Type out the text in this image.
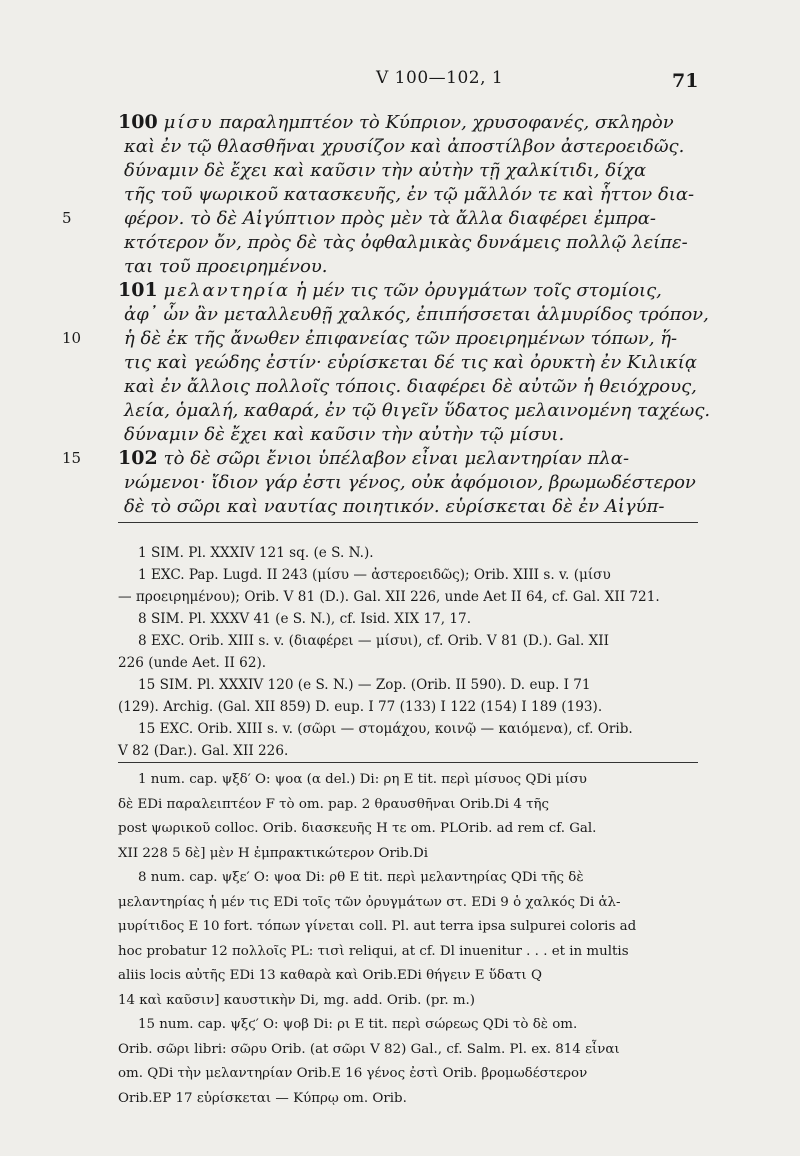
V 100—102, 1	71
100 μίσυ παραλημπτέον τὸ Κύπριον, χρυσοφανές, σκληρὸν
καὶ ἐν τῷ θλασθῆναι χρυσίζον καὶ ἀποστίλβον ἀστεροειδῶς.
δύναμιν δὲ ἔχει καὶ καῦσιν τὴν αὐτὴν τῇ χαλκίτιδι, δίχα
τῆς τοῦ ψωρικοῦ κατασκευῆς, ἐν τῷ μᾶλλόν τε καὶ ἧττον δια-
5	φέρον. τὸ δὲ Αἰγύπτιον πρὸς μὲν τὰ ἄλλα διαφέρει ἐμπρα-
κτότερον ὄν, πρὸς δὲ τὰς ὀφθαλμικὰς δυνάμεις πολλῷ λείπε-
ται τοῦ προειρημένου.
101 μελαντηρία ἡ μέν τις τῶν ὀρυγμάτων τοῖς στομίοις,
ἀφ᾿ ὧν ἂν μεταλλευθῇ χαλκός, ἐπιπήσσεται ἁλμυρίδος τρόπον,
10	ἡ δὲ ἐκ τῆς ἄνωθεν ἐπιφανείας τῶν προειρημένων τόπων, ἥ-
τις καὶ γεώδης ἐστίν· εὑρίσκεται δέ τις καὶ ὀρυκτὴ ἐν Κιλικίᾳ
καὶ ἐν ἄλλοις πολλοῖς τόποις. διαφέρει δὲ αὐτῶν ἡ θειόχρους,
λεία, ὁμαλή, καθαρά, ἐν τῷ θιγεῖν ὕδατος μελαινομένη ταχέως.
δύναμιν δὲ ἔχει καὶ καῦσιν τὴν αὐτὴν τῷ μίσυι.
15	102 τὸ δὲ σῶρι ἔνιοι ὑπέλαβον εἶναι μελαντηρίαν πλα-
νώμενοι· ἴδιον γάρ ἐστι γένος, οὐκ ἀφόμοιον, βρωμωδέστερον
δὲ τὸ σῶρι καὶ ναυτίας ποιητικόν. εὑρίσκεται δὲ ἐν Αἰγύπ-
1 SIM. Pl. XXXIV 121 sq. (e S. N.).
1 EXC. Pap. Lugd. II 243 (μίσυ — ἀστεροειδῶς); Orib. XIII s. v. (μίσυ
— προειρημένου); Orib. V 81 (D.). Gal. XII 226, unde Aet II 64, cf. Gal. XII 721.
8 SIM. Pl. XXXV 41 (e S. N.), cf. Isid. XIX 17, 17.
8 EXC. Orib. XIII s. v. (διαφέρει — μίσυι), cf. Orib. V 81 (D.). Gal. XII
226 (unde Aet. II 62).
15 SIM. Pl. XXXIV 120 (e S. N.) — Zop. (Orib. II 590). D. eup. I 71
(129). Archig. (Gal. XII 859) D. eup. I 77 (133) I 122 (154) I 189 (193).
15 EXC. Orib. XIII s. v. (σῶρι — στομάχου, κοινῷ — καιόμενα), cf. Orib.
V 82 (Dar.). Gal. XII 226.
1 num. cap. ψξδ′ O: ψοα (α del.) Di: ρη E tit. περὶ μίσυος QDi μίσυ
δὲ EDi παραλειπτέον F τὸ om. pap. 2 θραυσθῆναι Orib.Di 4 τῆς
post ψωρικοῦ colloc. Orib. διασκευῆς H τε om. PLOrib. ad rem cf. Gal.
XII 228 5 δὲ] μὲν H ἐμπρακτικώτερον Orib.Di
8 num. cap. ψξε′ O: ψοα Di: ρθ E tit. περὶ μελαντηρίας QDi τῆς δὲ
μελαντηρίας ἡ μέν τις EDi τοῖς τῶν ὀρυγμάτων στ. EDi 9 ὁ χαλκός Di ἁλ-
μυρίτιδος E 10 fort. τόπων γίνεται coll. Pl. aut terra ipsa sulpurei coloris ad
hoc probatur 12 πολλοῖς PL: τισὶ reliqui, at cf. Dl inuenitur . . . et in multis
aliis locis αὐτῆς EDi 13 καθαρὰ καὶ Orib.EDi θήγειν E ὕδατι Q
14 καὶ καῦσιν] καυστικὴν Di, mg. add. Orib. (pr. m.)
15 num. cap. ψξϛ′ O: ψοβ Di: ρι E tit. περὶ σώρεως QDi τὸ δὲ om.
Orib. σῶρι libri: σῶρυ Orib. (at σῶρι V 82) Gal., cf. Salm. Pl. ex. 814 εἶναι
om. QDi τὴν μελαντηρίαν Orib.E 16 γένος ἐστὶ Orib. βρομωδέστερον
Orib.EP 17 εὑρίσκεται — Κύπρῳ om. Orib.
